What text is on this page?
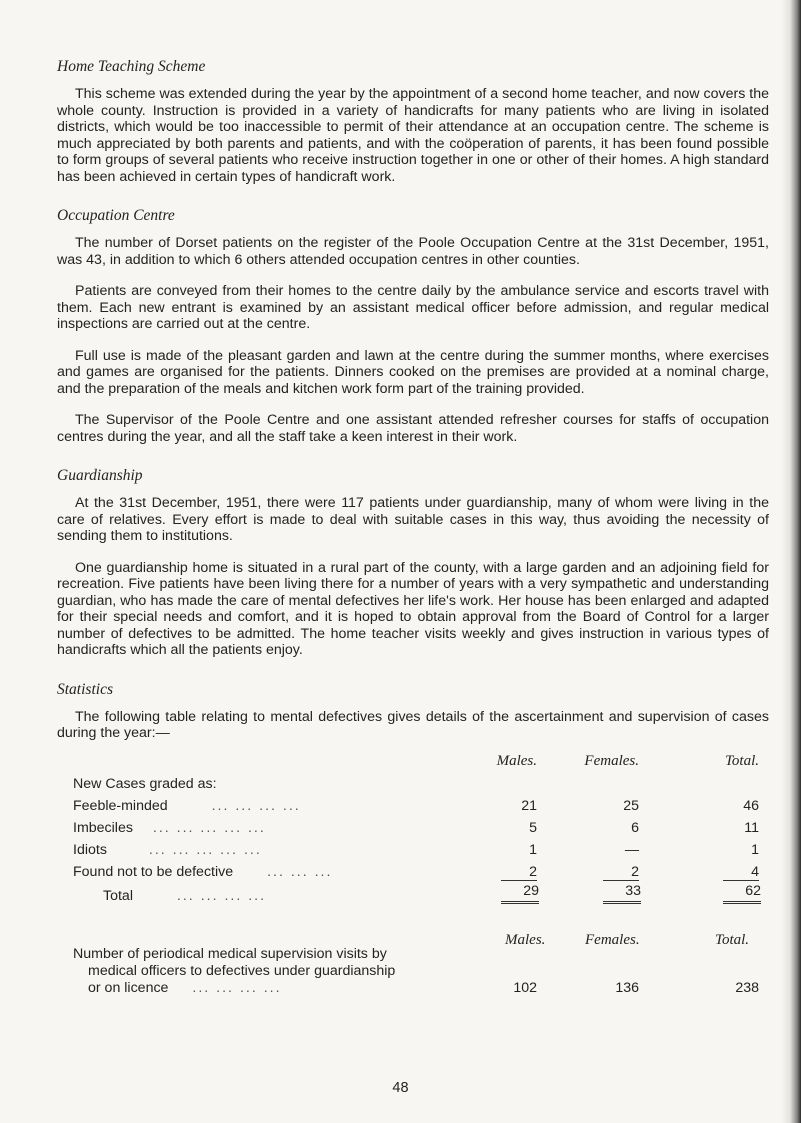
Home Teaching Scheme

This scheme was extended during the year by the appointment of a second home teacher, and now covers the whole county. Instruction is provided in a variety of handicrafts for many patients who are living in isolated districts, which would be too inaccessible to permit of their attendance at an occupation centre. The scheme is much appreciated by both parents and patients, and with the coöperation of parents, it has been found possible to form groups of several patients who receive instruction together in one or other of their homes. A high standard has been achieved in certain types of handicraft work.

Occupation Centre

The number of Dorset patients on the register of the Poole Occupation Centre at the 31st December, 1951, was 43, in addition to which 6 others attended occupation centres in other counties.

Patients are conveyed from their homes to the centre daily by the ambulance service and escorts travel with them. Each new entrant is examined by an assistant medical officer before admission, and regular medical inspections are carried out at the centre.

Full use is made of the pleasant garden and lawn at the centre during the summer months, where exercises and games are organised for the patients. Dinners cooked on the premises are provided at a nominal charge, and the preparation of the meals and kitchen work form part of the training provided.

The Supervisor of the Poole Centre and one assistant attended refresher courses for staffs of occupation centres during the year, and all the staff take a keen interest in their work.

Guardianship

At the 31st December, 1951, there were 117 patients under guardianship, many of whom were living in the care of relatives. Every effort is made to deal with suitable cases in this way, thus avoiding the necessity of sending them to institutions.

One guardianship home is situated in a rural part of the county, with a large garden and an adjoining field for recreation. Five patients have been living there for a number of years with a very sympathetic and understanding guardian, who has made the care of mental defectives her life's work. Her house has been enlarged and adapted for their special needs and comfort, and it is hoped to obtain approval from the Board of Control for a larger number of defectives to be admitted. The home teacher visits weekly and gives instruction in various types of handicrafts which all the patients enjoy.

Statistics

The following table relating to mental defectives gives details of the ascertainment and supervision of cases during the year:—

	Males.	Females.	Total.
New Cases graded as:			
Feeble-minded ... ... ... ...	21	25	46
Imbeciles ... ... ... ... ...	5	6	11
Idiots ... ... ... ... ...	1	—	1
Found not to be defective ... ... ...	2	2	4
Total ... ... ... ...	29	33	62
Males.	Females.	Total.
Number of periodical medical supervision visits by
medical officers to defectives under guardianship
or on licence ... ... ... ...	102	136	238
48
